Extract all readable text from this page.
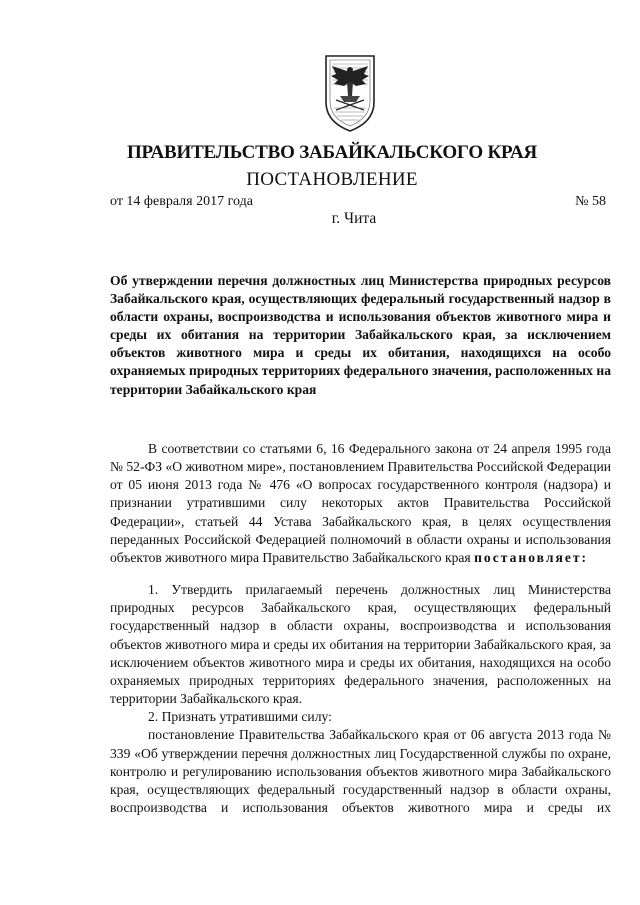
ПРАВИТЕЛЬСТВО ЗАБАЙКАЛЬСКОГО КРАЯ
ПОСТАНОВЛЕНИЕ
от 14 февраля 2017 года	№ 58
г. Чита
Об утверждении перечня должностных лиц Министерства природных ресурсов Забайкальского края, осуществляющих федеральный государственный надзор в области охраны, воспроизводства и использования объектов животного мира и среды их обитания на территории Забайкальского края, за исключением объектов животного мира и среды их обитания, находящихся на особо охраняемых природных территориях федерального значения, расположенных на территории Забайкальского края

В соответствии со статьями 6, 16 Федерального закона от 24 апреля 1995 года № 52-ФЗ «О животном мире», постановлением Правительства Российской Федерации от 05 июня 2013 года № 476 «О вопросах государственного контроля (надзора) и признании утратившими силу некоторых актов Правительства Российской Федерации», статьей 44 Устава Забайкальского края, в целях осуществления переданных Российской Федерацией полномочий в области охраны и использования объектов животного мира Правительство Забайкальского края постановляет:

1. Утвердить прилагаемый перечень должностных лиц Министерства природных ресурсов Забайкальского края, осуществляющих федеральный государственный надзор в области охраны, воспроизводства и использования объектов животного мира и среды их обитания на территории Забайкальского края, за исключением объектов животного мира и среды их обитания, находящихся на особо охраняемых природных территориях федерального значения, расположенных на территории Забайкальского края.

2. Признать утратившими силу:

постановление Правительства Забайкальского края от 06 августа 2013 года № 339 «Об утверждении перечня должностных лиц Государственной службы по охране, контролю и регулированию использования объектов животного мира Забайкальского края, осуществляющих федеральный государственный надзор в области охраны, воспроизводства и использования объектов животного мира и среды их
